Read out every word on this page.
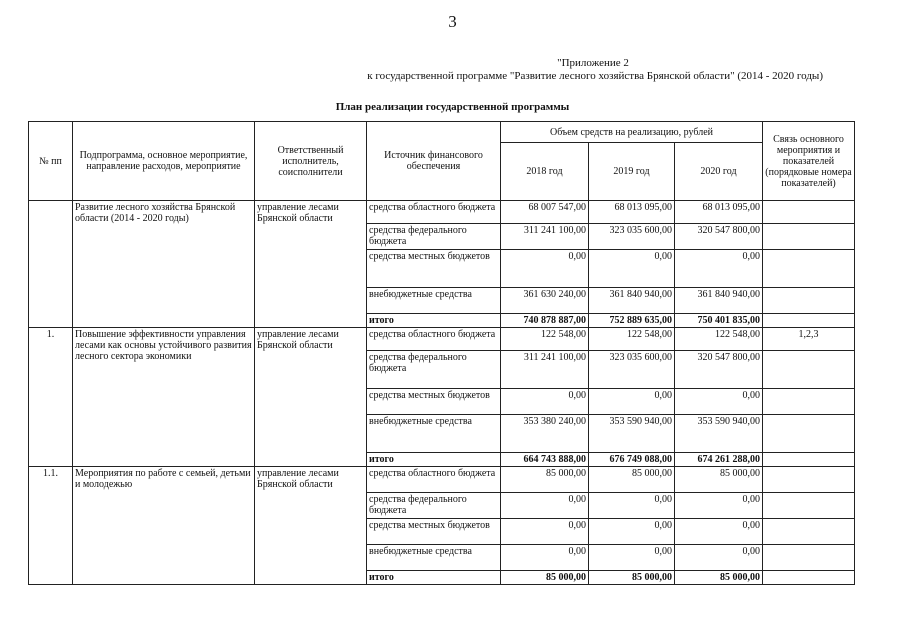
3
"Приложение 2
к государственной программе "Развитие лесного хозяйства Брянской области" (2014 - 2020 годы)
План реализации государственной программы
№ пп	Подпрограмма, основное мероприятие, направление расходов, мероприятие	Ответственный исполнитель, соисполнители	Источник финансового обеспечения	Объем средств на реализацию, рублей			Связь основного мероприятия и показателей (порядковые номера показателей)
				2018 год	2019 год	2020 год	
	Развитие лесного хозяйства Брянской области (2014 - 2020 годы)	управление лесами Брянской области	средства областного бюджета	68 007 547,00	68 013 095,00	68 013 095,00	
			средства федерального бюджета	311 241 100,00	323 035 600,00	320 547 800,00	
			средства местных бюджетов	0,00	0,00	0,00	
			внебюджетные средства	361 630 240,00	361 840 940,00	361 840 940,00	
			итого	740 878 887,00	752 889 635,00	750 401 835,00	
1.	Повышение эффективности управления лесами как основы устойчивого развития лесного сектора экономики	управление лесами Брянской области	средства областного бюджета	122 548,00	122 548,00	122 548,00	1,2,3
			средства федерального бюджета	311 241 100,00	323 035 600,00	320 547 800,00	
			средства местных бюджетов	0,00	0,00	0,00	
			внебюджетные средства	353 380 240,00	353 590 940,00	353 590 940,00	
			итого	664 743 888,00	676 749 088,00	674 261 288,00	
1.1.	Мероприятия по работе с семьей, детьми и молодежью	управление лесами Брянской области	средства областного бюджета	85 000,00	85 000,00	85 000,00	
			средства федерального бюджета	0,00	0,00	0,00	
			средства местных бюджетов	0,00	0,00	0,00	
			внебюджетные средства	0,00	0,00	0,00	
			итого	85 000,00	85 000,00	85 000,00	
